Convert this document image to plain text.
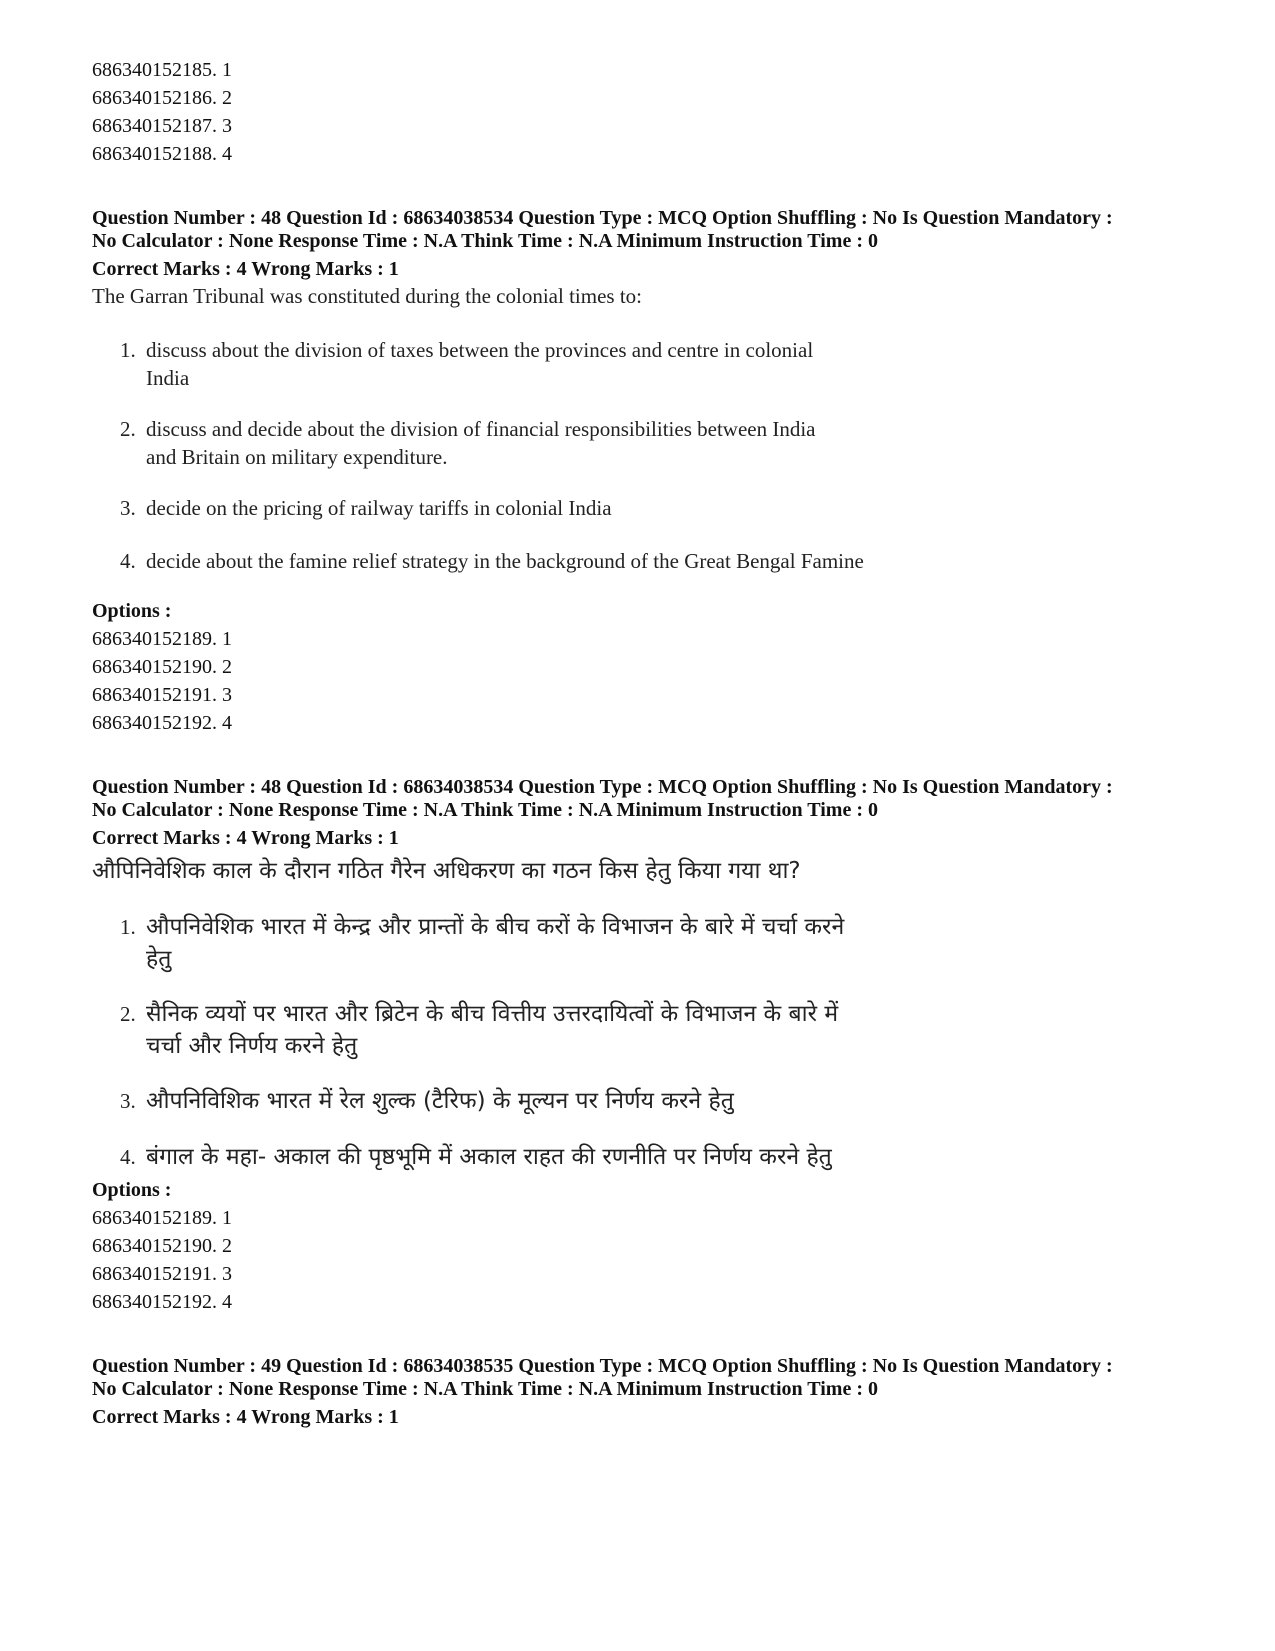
686340152185. 1
686340152186. 2
686340152187. 3
686340152188. 4
Question Number : 48 Question Id : 68634038534 Question Type : MCQ Option Shuffling : No Is Question Mandatory :
No Calculator : None Response Time : N.A Think Time : N.A Minimum Instruction Time : 0
Correct Marks : 4 Wrong Marks : 1
The Garran Tribunal was constituted during the colonial times to:
1. discuss about the division of taxes between the provinces and centre in colonial India
2. discuss and decide about the division of financial responsibilities between India and Britain on military expenditure.
3. decide on the pricing of railway tariffs in colonial India
4. decide about the famine relief strategy in the background of the Great Bengal Famine
Options :
686340152189. 1
686340152190. 2
686340152191. 3
686340152192. 4
Question Number : 48 Question Id : 68634038534 Question Type : MCQ Option Shuffling : No Is Question Mandatory :
No Calculator : None Response Time : N.A Think Time : N.A Minimum Instruction Time : 0
Correct Marks : 4 Wrong Marks : 1
औपिनिवेशिक काल के दौरान गठित गैरेन अधिकरण का गठन किस हेतु किया गया था?
1. औपनिवेशिक भारत में केन्द्र और प्रान्तों के बीच करों के विभाजन के बारे में चर्चा करने हेतु
2. सैनिक व्ययों पर भारत और ब्रिटेन के बीच वित्तीय उत्तरदायित्वों के विभाजन के बारे में चर्चा और निर्णय करने हेतु
3. औपनिविशिक भारत में रेल शुल्क (टैरिफ) के मूल्यन पर निर्णय करने हेतु
4. बंगाल के महा- अकाल की पृष्ठभूमि में अकाल राहत की रणनीति पर निर्णय करने हेतु
Options :
686340152189. 1
686340152190. 2
686340152191. 3
686340152192. 4
Question Number : 49 Question Id : 68634038535 Question Type : MCQ Option Shuffling : No Is Question Mandatory :
No Calculator : None Response Time : N.A Think Time : N.A Minimum Instruction Time : 0
Correct Marks : 4 Wrong Marks : 1
